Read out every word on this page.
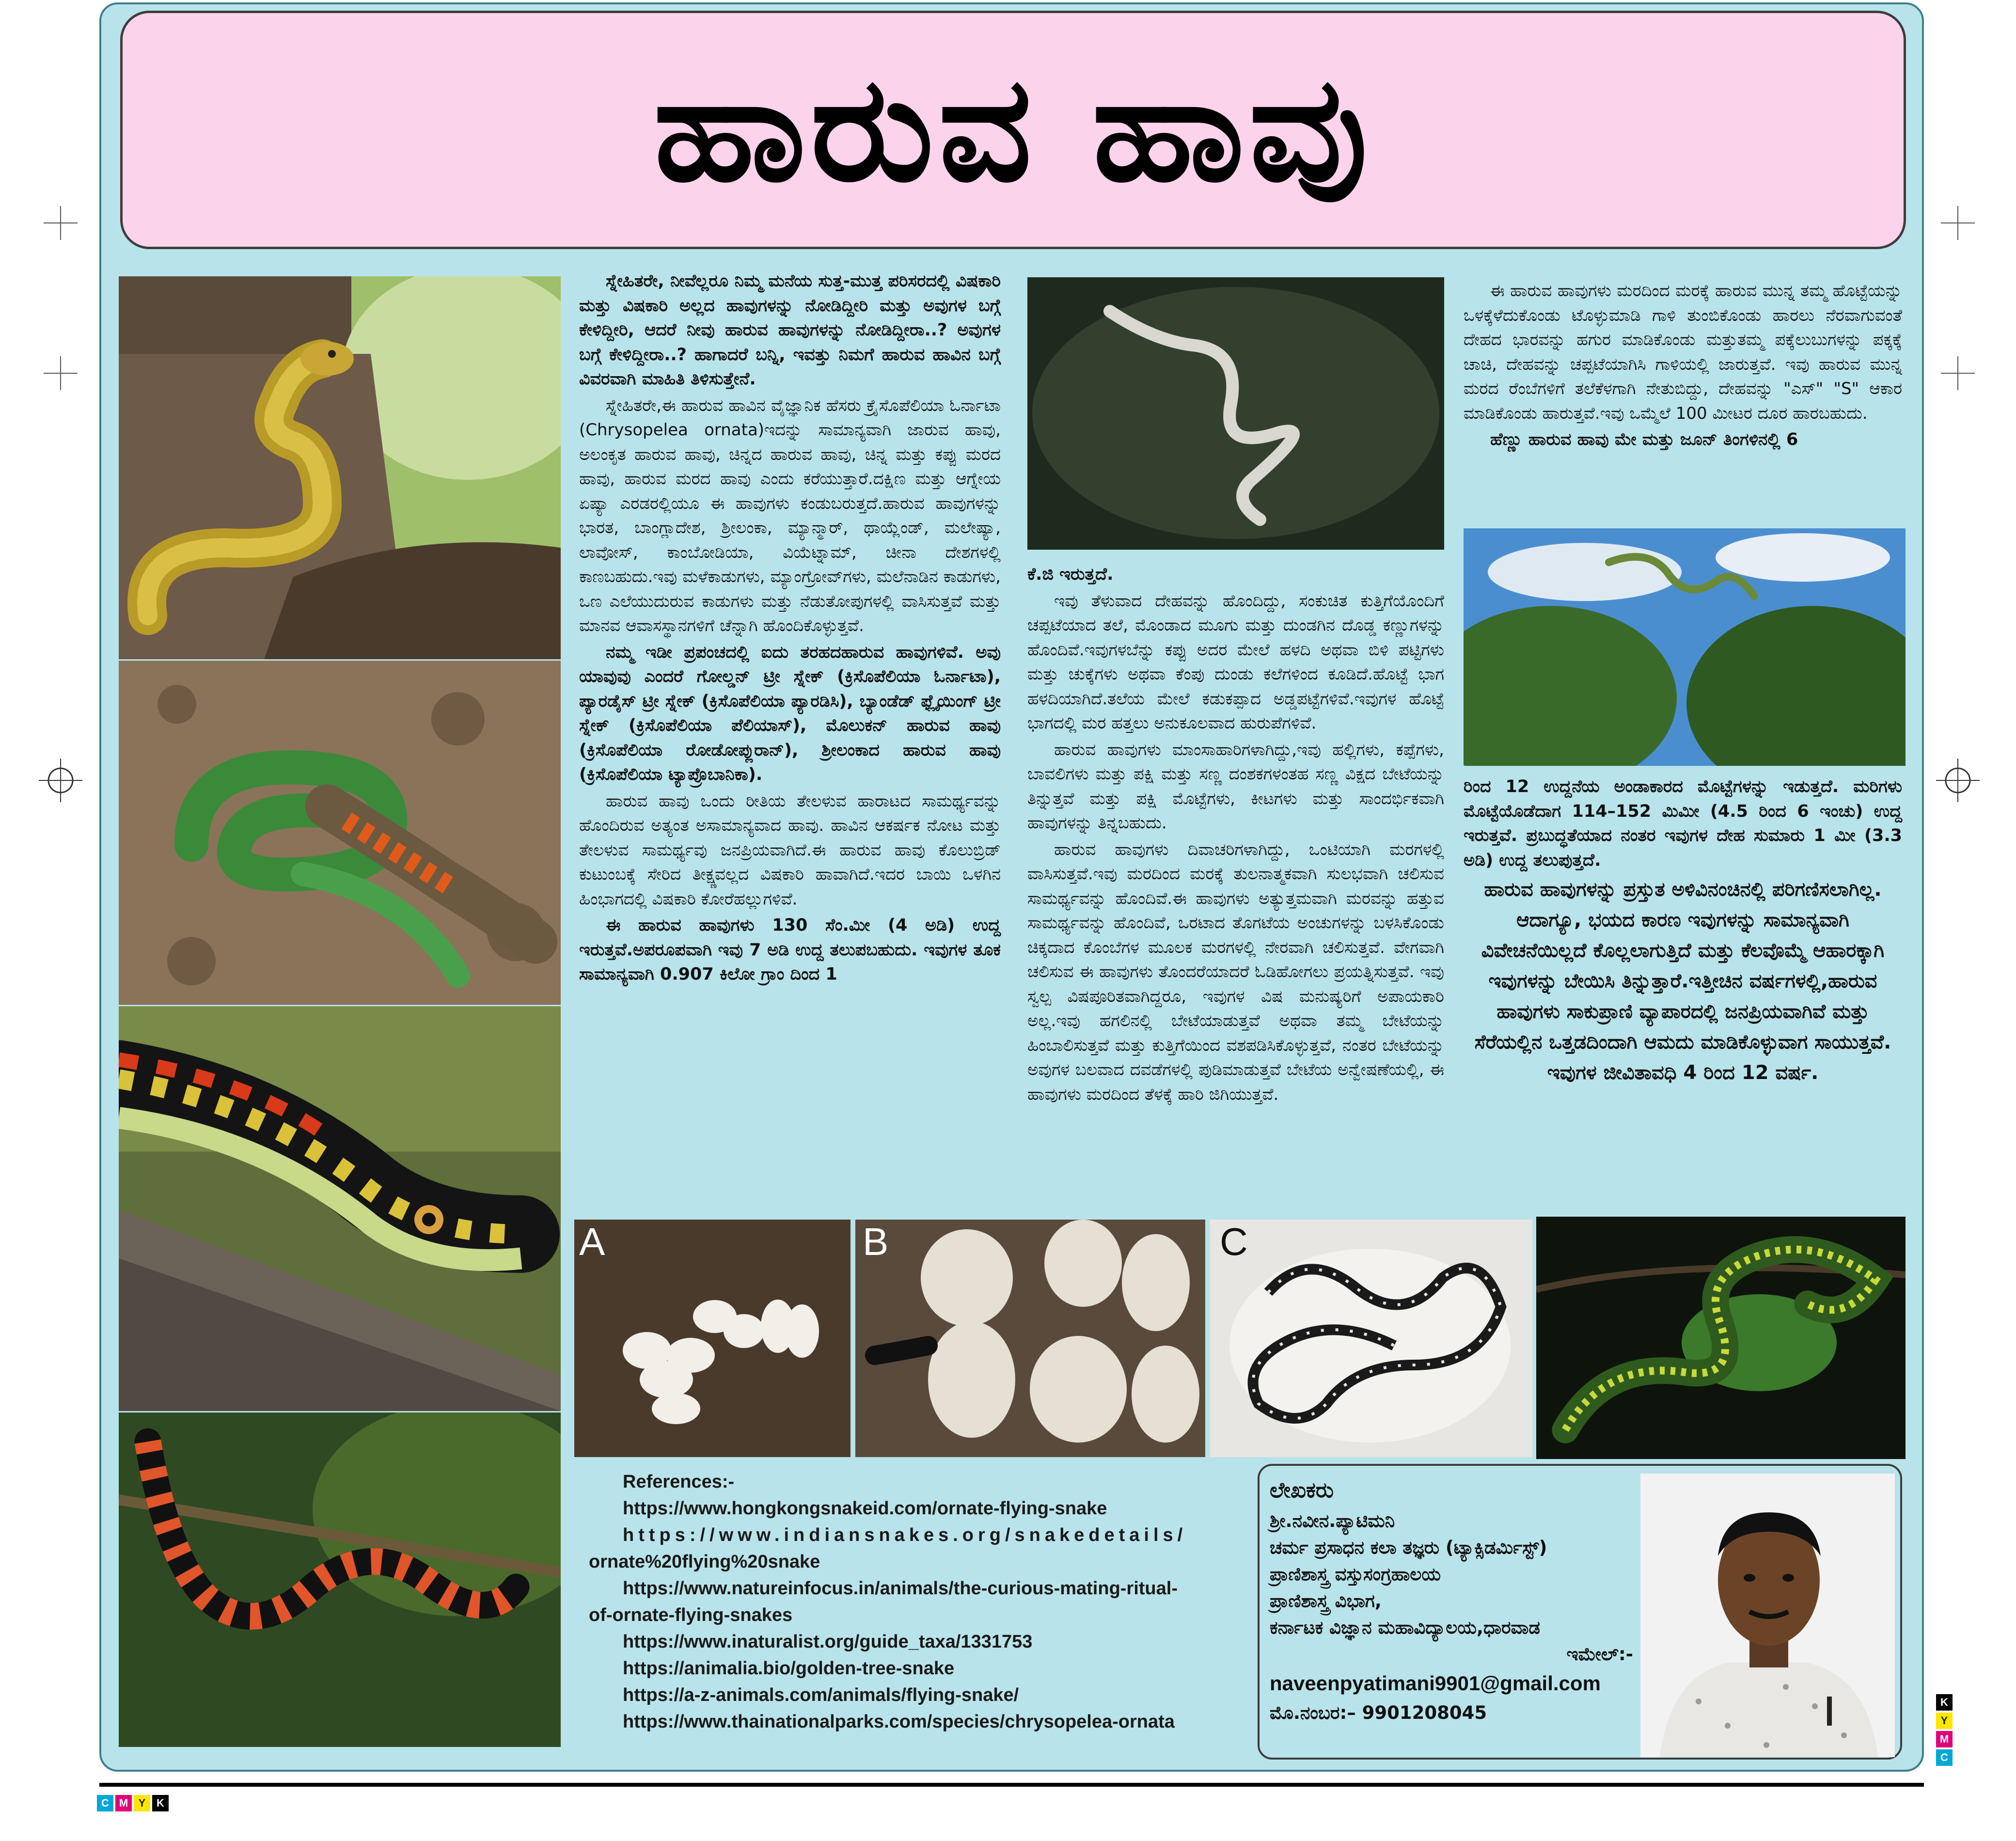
ಹಾರುವ ಹಾವು

ಸ್ನೇಹಿತರೇ, ನೀವೆಲ್ಲರೂ ನಿಮ್ಮ ಮನೆಯ ಸುತ್ತ-ಮುತ್ತ ಪರಿಸರದಲ್ಲಿ ವಿಷಕಾರಿ ಮತ್ತು ವಿಷಕಾರಿ ಅಲ್ಲದ ಹಾವುಗಳನ್ನು ನೋಡಿದ್ದೀರಿ ಮತ್ತು ಅವುಗಳ ಬಗ್ಗೆ ಕೇಳಿದ್ದೀರಿ, ಆದರೆ ನೀವು ಹಾರುವ ಹಾವುಗಳನ್ನು ನೋಡಿದ್ದೀರಾ..? ಅವುಗಳ ಬಗ್ಗೆ ಕೇಳಿದ್ದೀರಾ..? ಹಾಗಾದರೆ ಬನ್ನಿ, ಇವತ್ತು ನಿಮಗೆ ಹಾರುವ ಹಾವಿನ ಬಗ್ಗೆ ವಿವರವಾಗಿ ಮಾಹಿತಿ ತಿಳಿಸುತ್ತೇನೆ.

ಸ್ನೇಹಿತರೇ,ಈ ಹಾರುವ ಹಾವಿನ ವೈಜ್ಞಾನಿಕ ಹೆಸರು ಕ್ರೈಸೊಪೆಲಿಯಾ ಓರ್ನಾಟಾ (Chrysopelea ornata)ಇದನ್ನು ಸಾಮಾನ್ಯವಾಗಿ ಜಾರುವ ಹಾವು, ಅಲಂಕೃತ ಹಾರುವ ಹಾವು, ಚಿನ್ನದ ಹಾರುವ ಹಾವು, ಚಿನ್ನ ಮತ್ತು ಕಪ್ಪು ಮರದ ಹಾವು, ಹಾರುವ ಮರದ ಹಾವು ಎಂದು ಕರೆಯುತ್ತಾರೆ.ದಕ್ಷಿಣ ಮತ್ತು ಆಗ್ನೇಯ ಏಷ್ಯಾ ಎರಡರಲ್ಲಿಯೂ ಈ ಹಾವುಗಳು ಕಂಡುಬರುತ್ತದೆ.ಹಾರುವ ಹಾವುಗಳನ್ನು ಭಾರತ, ಬಾಂಗ್ಲಾದೇಶ, ಶ್ರೀಲಂಕಾ, ಮ್ಯಾನ್ಮಾರ್, ಥಾಯ್ಲೆಂಡ್, ಮಲೇಷ್ಯಾ, ಲಾವೋಸ್, ಕಾಂಬೋಡಿಯಾ, ವಿಯೆಟ್ನಾಮ್, ಚೀನಾ ದೇಶಗಳಲ್ಲಿ ಕಾಣಬಹುದು.ಇವು ಮಳೆಕಾಡುಗಳು, ಮ್ಯಾಂಗ್ರೋವ್‌ಗಳು, ಮಲೆನಾಡಿನ ಕಾಡುಗಳು, ಒಣ ಎಲೆಯುದುರುವ ಕಾಡುಗಳು ಮತ್ತು ನೆಡುತೋಪುಗಳಲ್ಲಿ ವಾಸಿಸುತ್ತವೆ ಮತ್ತು ಮಾನವ ಆವಾಸಸ್ಥಾನಗಳಿಗೆ ಚೆನ್ನಾಗಿ ಹೊಂದಿಕೊಳ್ಳುತ್ತವೆ.

ನಮ್ಮ ಇಡೀ ಪ್ರಪಂಚದಲ್ಲಿ ಐದು ತರಹದಹಾರುವ ಹಾವುಗಳಿವೆ. ಅವು ಯಾವುವು ಎಂದರೆ ಗೋಲ್ಡನ್ ಟ್ರೀ ಸ್ನೇಕ್ (ಕ್ರಿಸೊಪೆಲಿಯಾ ಓರ್ನಾಟಾ), ಪ್ಯಾರಡೈಸ್ ಟ್ರೀ ಸ್ನೇಕ್ (ಕ್ರಿಸೊಪೆಲಿಯಾ ಪ್ಯಾರಡಿಸಿ), ಬ್ಯಾಂಡೆಡ್ ಫ್ಲೈಯಿಂಗ್ ಟ್ರೀ ಸ್ನೇಕ್ (ಕ್ರಿಸೊಪೆಲಿಯಾ ಪೆಲಿಯಾಸ್), ಮೊಲುಕನ್ ಹಾರುವ ಹಾವು (ಕ್ರಿಸೊಪೆಲಿಯಾ ರೋಡೋಪ್ಲುರಾನ್), ಶ್ರೀಲಂಕಾದ ಹಾರುವ ಹಾವು (ಕ್ರಿಸೊಪೆಲಿಯಾ ಟ್ಯಾಪ್ರೊಬಾನಿಕಾ).

ಹಾರುವ ಹಾವು ಒಂದು ರೀತಿಯ ತೇಲಳುವ ಹಾರಾಟದ ಸಾಮರ್ಥ್ಯವನ್ನು ಹೊಂದಿರುವ ಅತ್ಯಂತ ಅಸಾಮಾನ್ಯವಾದ ಹಾವು. ಹಾವಿನ ಆಕರ್ಷಕ ನೋಟ ಮತ್ತು ತೇಲಳುವ ಸಾಮರ್ಥ್ಯವು ಜನಪ್ರಿಯವಾಗಿದೆ.ಈ ಹಾರುವ ಹಾವು ಕೊಲುಬ್ರಿಡ್ ಕುಟುಂಬಕ್ಕೆ ಸೇರಿದ ತೀಕ್ಷ್ಣವಲ್ಲದ ವಿಷಕಾರಿ ಹಾವಾಗಿದೆ.ಇದರ ಬಾಯಿ ಒಳಗಿನ ಹಿಂಭಾಗದಲ್ಲಿ ವಿಷಕಾರಿ ಕೋರೆಹಲ್ಲುಗಳಿವೆ.

ಈ ಹಾರುವ ಹಾವುಗಳು 130 ಸೆಂ.ಮೀ (4 ಅಡಿ) ಉದ್ದ ಇರುತ್ತವೆ.ಅಪರೂಪವಾಗಿ ಇವು 7 ಅಡಿ ಉದ್ದ ತಲುಪಬಹುದು. ಇವುಗಳ ತೂಕ ಸಾಮಾನ್ಯವಾಗಿ 0.907 ಕಿಲೋ ಗ್ರಾಂ ದಿಂದ 1

ಕೆ.ಜಿ ಇರುತ್ತದೆ.

ಇವು ತೆಳುವಾದ ದೇಹವನ್ನು ಹೊಂದಿದ್ದು, ಸಂಕುಚಿತ ಕುತ್ತಿಗೆಯೊಂದಿಗೆ ಚಪ್ಪಟೆಯಾದ ತಲೆ, ಮೊಂಡಾದ ಮೂಗು ಮತ್ತು ದುಂಡಗಿನ ದೊಡ್ಡ ಕಣ್ಣುಗಳನ್ನು ಹೊಂದಿವೆ.ಇವುಗಳಬೆನ್ನು ಕಪ್ಪು ಅದರ ಮೇಲೆ ಹಳದಿ ಅಥವಾ ಬಿಳಿ ಪಟ್ಟಿಗಳು ಮತ್ತು ಚುಕ್ಕೆಗಳು ಅಥವಾ ಕೆಂಪು ದುಂಡು ಕಲೆಗಳಿಂದ ಕೂಡಿದೆ.ಹೊಟ್ಟೆ ಭಾಗ ಹಳದಿಯಾಗಿದೆ.ತಲೆಯ ಮೇಲೆ ಕಡುಕಪ್ಪಾದ ಅಡ್ಡಪಟ್ಟೆಗಳಿವೆ.ಇವುಗಳ ಹೊಟ್ಟೆ ಭಾಗದಲ್ಲಿ ಮರ ಹತ್ತಲು ಅನುಕೂಲವಾದ ಹುರುಪೆಗಳಿವೆ.

ಹಾರುವ ಹಾವುಗಳು ಮಾಂಸಾಹಾರಿಗಳಾಗಿದ್ದು,ಇವು ಹಲ್ಲಿಗಳು, ಕಪ್ಪೆಗಳು, ಬಾವಲಿಗಳು ಮತ್ತು ಪಕ್ಷಿ ಮತ್ತು ಸಣ್ಣ ದಂಶಕಗಳಂತಹ ಸಣ್ಣ ವಿಕ್ಷದ ಬೇಟೆಯನ್ನು ತಿನ್ನುತ್ತವೆ ಮತ್ತು ಪಕ್ಷಿ ಮೊಟ್ಟೆಗಳು, ಕೀಟಗಳು ಮತ್ತು ಸಾಂದರ್ಭಿಕವಾಗಿ ಹಾವುಗಳನ್ನು ತಿನ್ನಬಹುದು.

ಹಾರುವ ಹಾವುಗಳು ದಿವಾಚರಿಗಳಾಗಿದ್ದು, ಒಂಟಿಯಾಗಿ ಮರಗಳಲ್ಲಿ ವಾಸಿಸುತ್ತವೆ.ಇವು ಮರದಿಂದ ಮರಕ್ಕೆ ತುಲನಾತ್ಮಕವಾಗಿ ಸುಲಭವಾಗಿ ಚಲಿಸುವ ಸಾಮರ್ಥ್ಯವನ್ನು ಹೊಂದಿವೆ.ಈ ಹಾವುಗಳು ಅತ್ಯುತ್ತಮವಾಗಿ ಮರವನ್ನು ಹತ್ತುವ ಸಾಮರ್ಥ್ಯವನ್ನು ಹೊಂದಿವೆ, ಒರಟಾದ ತೊಗಟೆಯ ಅಂಚುಗಳನ್ನು ಬಳಸಿಕೊಂಡು ಚಿಕ್ಕದಾದ ಕೊಂಬೆಗಳ ಮೂಲಕ ಮರಗಳಲ್ಲಿ ನೇರವಾಗಿ ಚಲಿಸುತ್ತವೆ. ವೇಗವಾಗಿ ಚಲಿಸುವ ಈ ಹಾವುಗಳು ತೊಂದರೆಯಾದರೆ ಓಡಿಹೋಗಲು ಪ್ರಯತ್ನಿಸುತ್ತವೆ. ಇವು ಸ್ವಲ್ಪ ವಿಷಪೂರಿತವಾಗಿದ್ದರೂ, ಇವುಗಳ ವಿಷ ಮನುಷ್ಯರಿಗೆ ಅಪಾಯಕಾರಿ ಅಲ್ಲ.ಇವು ಹಗಲಿನಲ್ಲಿ ಬೇಟೆಯಾಡುತ್ತವೆ ಅಥವಾ ತಮ್ಮ ಬೇಟೆಯನ್ನು ಹಿಂಬಾಲಿಸುತ್ತವೆ ಮತ್ತು ಕುತ್ತಿಗೆಯಿಂದ ವಶಪಡಿಸಿಕೊಳ್ಳುತ್ತವೆ, ನಂತರ ಬೇಟೆಯನ್ನು ಅವುಗಳ ಬಲವಾದ ದವಡೆಗಳಲ್ಲಿ ಪುಡಿಮಾಡುತ್ತವೆ ಬೇಟೆಯ ಅನ್ವೇಷಣೆಯಲ್ಲಿ, ಈ ಹಾವುಗಳು ಮರದಿಂದ ತೆಳಕ್ಕೆ ಹಾರಿ ಜಿಗಿಯುತ್ತವೆ.

ಈ ಹಾರುವ ಹಾವುಗಳು ಮರದಿಂದ ಮರಕ್ಕೆ ಹಾರುವ ಮುನ್ನ ತಮ್ಮ ಹೊಟ್ಟೆಯನ್ನು ಒಳಕ್ಕೆಳೆದುಕೊಂಡು ಟೊಳ್ಳುಮಾಡಿ ಗಾಳಿ ತುಂಬಿಕೊಂಡು ಹಾರಲು ನೆರವಾಗುವಂತೆ ದೇಹದ ಭಾರವನ್ನು ಹಗುರ ಮಾಡಿಕೊಂಡು ಮತ್ತುತಮ್ಮ ಪಕ್ಕೆಲುಬುಗಳನ್ನು ಪಕ್ಕಕ್ಕೆ ಚಾಚಿ, ದೇಹವನ್ನು ಚಪ್ಪಟೆಯಾಗಿಸಿ ಗಾಳಿಯಲ್ಲಿ ಜಾರುತ್ತವೆ. ಇವು ಹಾರುವ ಮುನ್ನ ಮರದ ರೆಂಬೆಗಳಿಗೆ ತಲೆಕೆಳಗಾಗಿ ನೇತುಬಿದ್ದು, ದೇಹವನ್ನು "ಎಸ್" "S" ಆಕಾರ ಮಾಡಿಕೊಂಡು ಹಾರುತ್ತವೆ.ಇವು ಒಮ್ಮೆಲೆ 100 ಮೀಟರ ದೂರ ಹಾರಬಹುದು.

ಹೆಣ್ಣು ಹಾರುವ ಹಾವು ಮೇ ಮತ್ತು ಜೂನ್ ತಿಂಗಳಿನಲ್ಲಿ 6

ರಿಂದ 12 ಉದ್ದನೆಯ ಅಂಡಾಕಾರದ ಮೊಟ್ಟೆಗಳನ್ನು ಇಡುತ್ತದೆ. ಮರಿಗಳು ಮೊಟ್ಟೆಯೊಡೆದಾಗ 114–152 ಮಿಮೀ (4.5 ರಿಂದ 6 ಇಂಚು) ಉದ್ದ ಇರುತ್ತವೆ. ಪ್ರಬುದ್ಧತೆಯಾದ ನಂತರ ಇವುಗಳ ದೇಹ ಸುಮಾರು 1 ಮೀ (3.3 ಅಡಿ) ಉದ್ದ ತಲುಪುತ್ತದೆ.

ಹಾರುವ ಹಾವುಗಳನ್ನು ಪ್ರಸ್ತುತ ಅಳಿವಿನಂಚಿನಲ್ಲಿ ಪರಿಗಣಿಸಲಾಗಿಲ್ಲ. ಆದಾಗ್ಯೂ, ಭಯದ ಕಾರಣ ಇವುಗಳನ್ನು ಸಾಮಾನ್ಯವಾಗಿ ವಿವೇಚನೆಯಿಲ್ಲದೆ ಕೊಲ್ಲಲಾಗುತ್ತಿದೆ ಮತ್ತು ಕೆಲವೊಮ್ಮೆ ಆಹಾರಕ್ಕಾಗಿ ಇವುಗಳನ್ನು ಬೇಯಿಸಿ ತಿನ್ನುತ್ತಾರೆ.ಇತ್ತೀಚಿನ ವರ್ಷಗಳಲ್ಲಿ,ಹಾರುವ ಹಾವುಗಳು ಸಾಕುಪ್ರಾಣಿ ವ್ಯಾಪಾರದಲ್ಲಿ ಜನಪ್ರಿಯವಾಗಿವೆ ಮತ್ತು ಸೆರೆಯಲ್ಲಿನ ಒತ್ತಡದಿಂದಾಗಿ ಆಮದು ಮಾಡಿಕೊಳ್ಳುವಾಗ ಸಾಯುತ್ತವೆ. ಇವುಗಳ ಜೀವಿತಾವಧಿ 4 ರಿಂದ 12 ವರ್ಷ.

A	B	C
References:-
https://www.hongkongsnakeid.com/ornate-flying-snake
https://www.indiansnakes.org/snakedetails/
ornate%20flying%20snake
https://www.natureinfocus.in/animals/the-curious-mating-ritual-
of-ornate-flying-snakes
https://www.inaturalist.org/guide_taxa/1331753
https://animalia.bio/golden-tree-snake
https://a-z-animals.com/animals/flying-snake/
https://www.thainationalparks.com/species/chrysopelea-ornata
ಲೇಖಕರು
ಶ್ರೀ.ನವೀನ.ಪ್ಯಾಟಿಮನಿ
ಚರ್ಮ ಪ್ರಸಾಧನ ಕಲಾ ತಜ್ಞರು (ಟ್ಯಾಕ್ಸಿಡರ್ಮಿಸ್ಟ್)
ಪ್ರಾಣಿಶಾಸ್ತ್ರ ವಸ್ತುಸಂಗ್ರಹಾಲಯ
ಪ್ರಾಣಿಶಾಸ್ತ್ರ ವಿಭಾಗ,
ಕರ್ನಾಟಕ ವಿಜ್ಞಾನ ಮಹಾವಿದ್ಯಾಲಯ,ಧಾರವಾಡ
ಇಮೇಲ್:-
naveenpyatimani9901@gmail.com
ಮೊ.ನಂಬರ:– 9901208045
C M Y	K
K
Y
M
C
